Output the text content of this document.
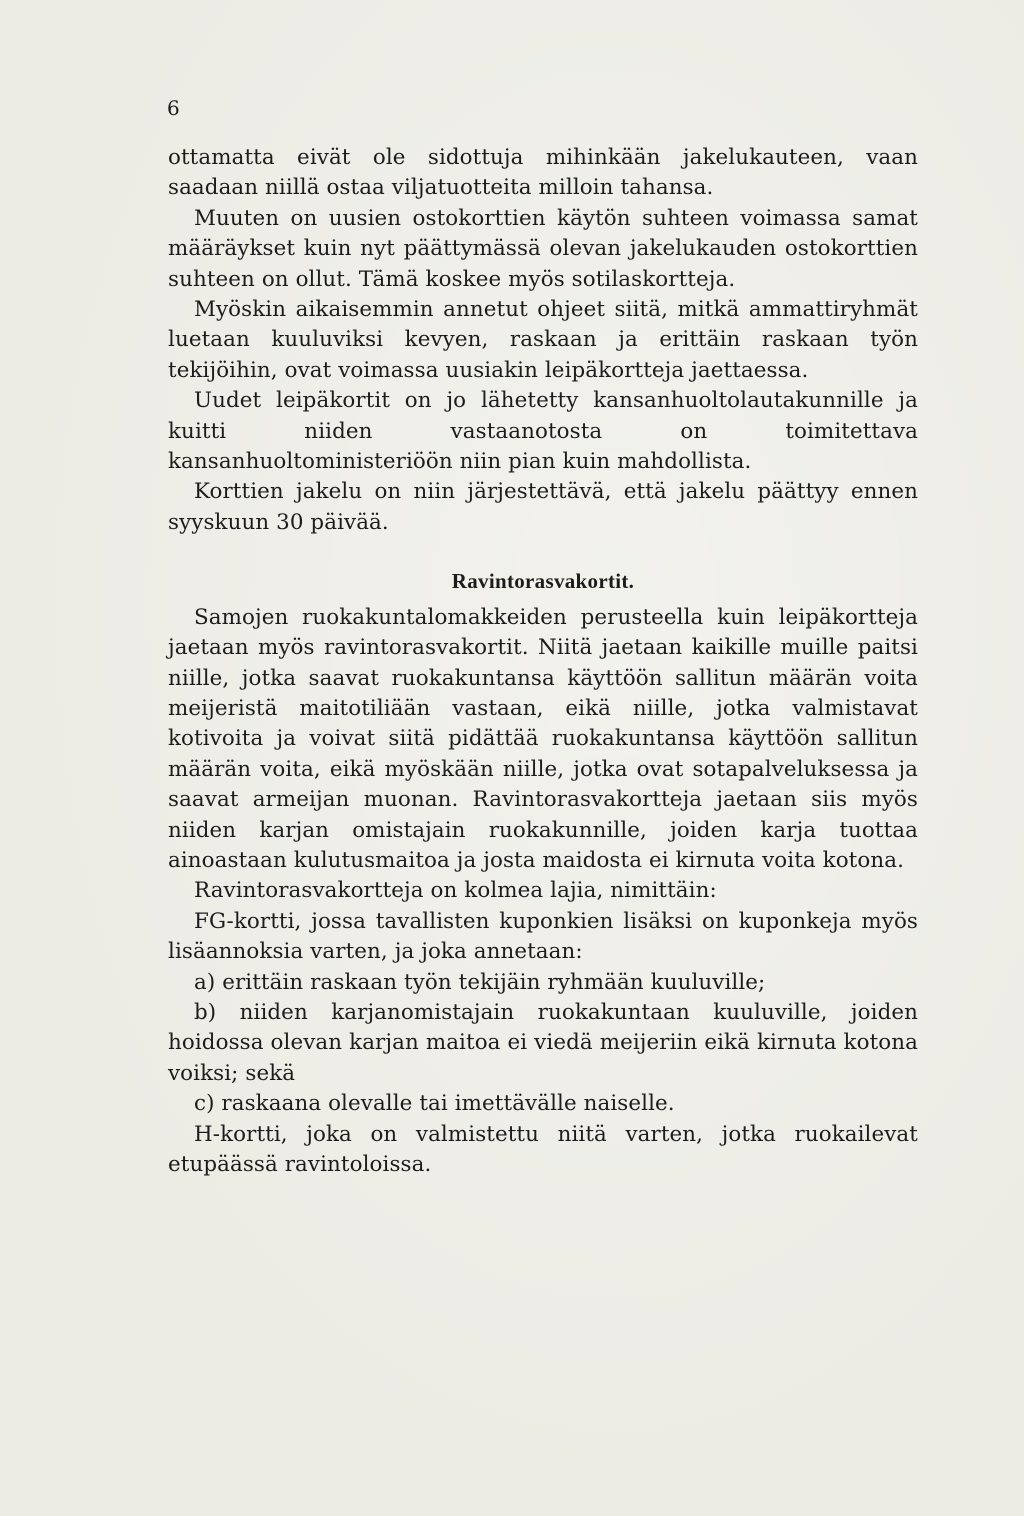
6

ottamatta eivät ole sidottuja mihinkään jakelukauteen, vaan saadaan niillä ostaa viljatuotteita milloin tahansa.

Muuten on uusien ostokorttien käytön suhteen voimassa samat määräykset kuin nyt päättymässä olevan jakelukauden ostokorttien suhteen on ollut. Tämä koskee myös sotilaskortteja.

Myöskin aikaisemmin annetut ohjeet siitä, mitkä ammattiryhmät luetaan kuuluviksi kevyen, raskaan ja erittäin raskaan työn tekijöihin, ovat voimassa uusiakin leipäkortteja jaettaessa.

Uudet leipäkortit on jo lähetetty kansanhuoltolautakunnille ja kuitti niiden vastaanotosta on toimitettava kansanhuoltoministeriöön niin pian kuin mahdollista.

Korttien jakelu on niin järjestettävä, että jakelu päättyy ennen syyskuun 30 päivää.

Ravintorasvakortit.

Samojen ruokakuntalomakkeiden perusteella kuin leipäkortteja jaetaan myös ravintorasvakortit. Niitä jaetaan kaikille muille paitsi niille, jotka saavat ruokakuntansa käyttöön sallitun määrän voita meijeristä maitotiliään vastaan, eikä niille, jotka valmistavat kotivoita ja voivat siitä pidättää ruokakuntansa käyttöön sallitun määrän voita, eikä myöskään niille, jotka ovat sotapalveluksessa ja saavat armeijan muonan. Ravintorasvakortteja jaetaan siis myös niiden karjan omistajain ruokakunnille, joiden karja tuottaa ainoastaan kulutusmaitoa ja josta maidosta ei kirnuta voita kotona.

Ravintorasvakortteja on kolmea lajia, nimittäin:

FG-kortti, jossa tavallisten kuponkien lisäksi on kuponkeja myös lisäannoksia varten, ja joka annetaan:

a) erittäin raskaan työn tekijäin ryhmään kuuluville;

b) niiden karjanomistajain ruokakuntaan kuuluville, joiden hoidossa olevan karjan maitoa ei viedä meijeriin eikä kirnuta kotona voiksi; sekä

c) raskaana olevalle tai imettävälle naiselle.

H-kortti, joka on valmistettu niitä varten, jotka ruokailevat etupäässä ravintoloissa.
